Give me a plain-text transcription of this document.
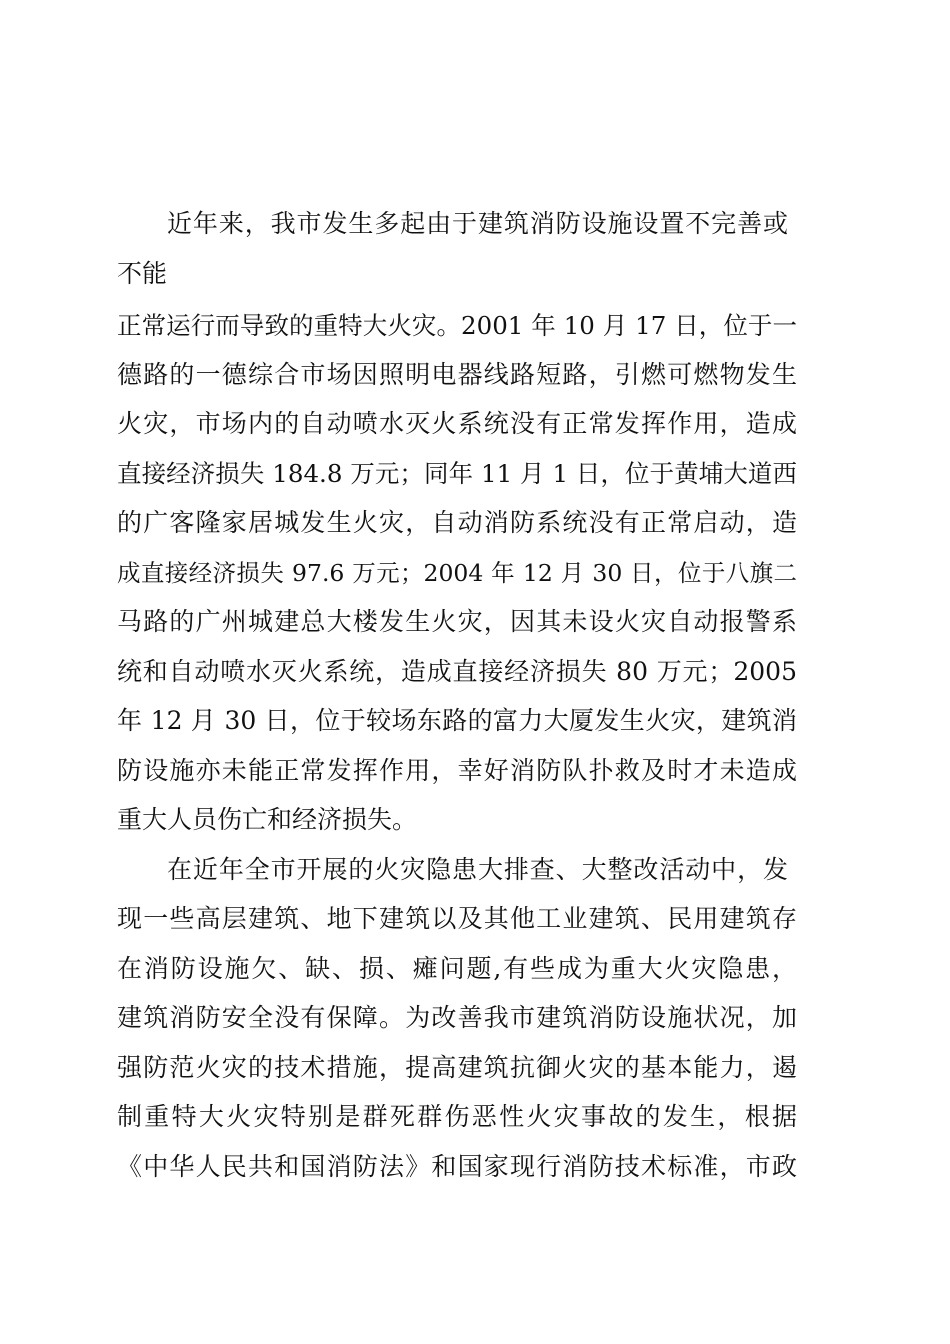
近年来，我市发生多起由于建筑消防设施设置不完善或
不能
正常运行而导致的重特大火灾。2001 年 10 月 17 日，位于一
德路的一德综合市场因照明电器线路短路，引燃可燃物发生
火灾，市场内的自动喷水灭火系统没有正常发挥作用，造成
直接经济损失 184.8 万元；同年 11 月 1 日，位于黄埔大道西
的广客隆家居城发生火灾，自动消防系统没有正常启动，造
成直接经济损失 97.6 万元；2004 年 12 月 30 日，位于八旗二
马路的广州城建总大楼发生火灾，因其未设火灾自动报警系
统和自动喷水灭火系统，造成直接经济损失 80 万元；2005
年 12 月 30 日，位于较场东路的富力大厦发生火灾，建筑消
防设施亦未能正常发挥作用，幸好消防队扑救及时才未造成
重大人员伤亡和经济损失。
在近年全市开展的火灾隐患大排查、大整改活动中，发
现一些高层建筑、地下建筑以及其他工业建筑、民用建筑存
在消防设施欠、缺、损、瘫问题,有些成为重大火灾隐患，
建筑消防安全没有保障。为改善我市建筑消防设施状况，加
强防范火灾的技术措施，提高建筑抗御火灾的基本能力，遏
制重特大火灾特别是群死群伤恶性火灾事故的发生，根据
《中华人民共和国消防法》和国家现行消防技术标准，市政
